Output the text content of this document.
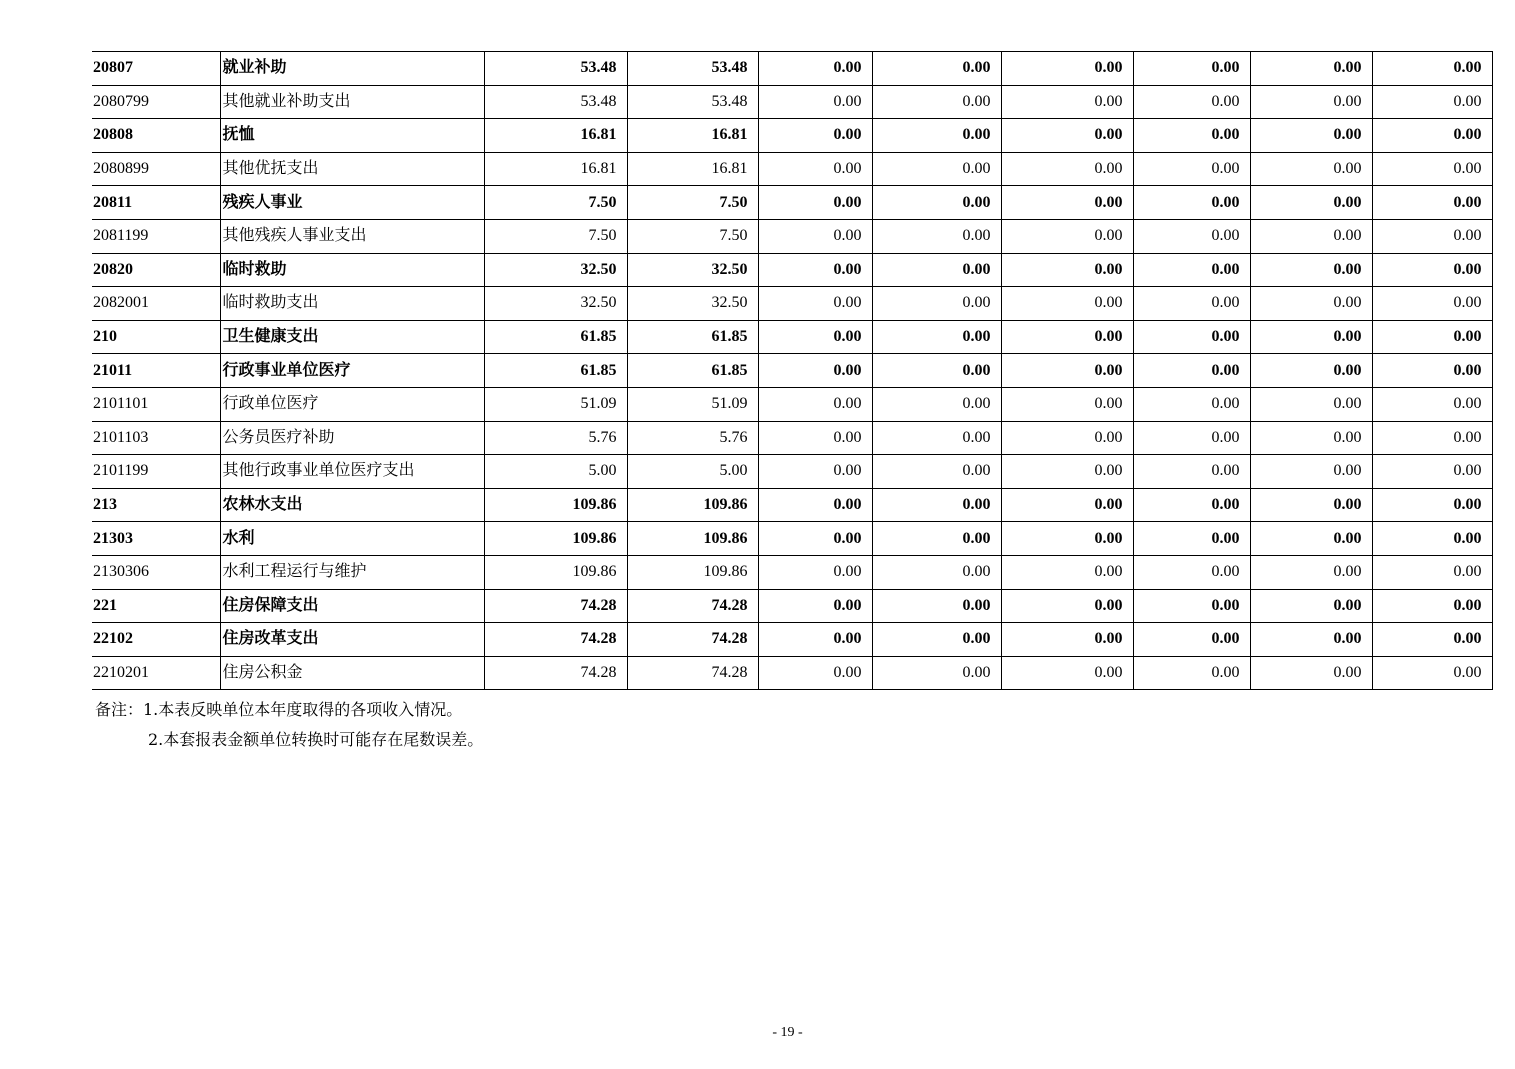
20807	就业补助	53.48	53.48	0.00	0.00	0.00	0.00	0.00	0.00
2080799	其他就业补助支出	53.48	53.48	0.00	0.00	0.00	0.00	0.00	0.00
20808	抚恤	16.81	16.81	0.00	0.00	0.00	0.00	0.00	0.00
2080899	其他优抚支出	16.81	16.81	0.00	0.00	0.00	0.00	0.00	0.00
20811	残疾人事业	7.50	7.50	0.00	0.00	0.00	0.00	0.00	0.00
2081199	其他残疾人事业支出	7.50	7.50	0.00	0.00	0.00	0.00	0.00	0.00
20820	临时救助	32.50	32.50	0.00	0.00	0.00	0.00	0.00	0.00
2082001	临时救助支出	32.50	32.50	0.00	0.00	0.00	0.00	0.00	0.00
210	卫生健康支出	61.85	61.85	0.00	0.00	0.00	0.00	0.00	0.00
21011	行政事业单位医疗	61.85	61.85	0.00	0.00	0.00	0.00	0.00	0.00
2101101	行政单位医疗	51.09	51.09	0.00	0.00	0.00	0.00	0.00	0.00
2101103	公务员医疗补助	5.76	5.76	0.00	0.00	0.00	0.00	0.00	0.00
2101199	其他行政事业单位医疗支出	5.00	5.00	0.00	0.00	0.00	0.00	0.00	0.00
213	农林水支出	109.86	109.86	0.00	0.00	0.00	0.00	0.00	0.00
21303	水利	109.86	109.86	0.00	0.00	0.00	0.00	0.00	0.00
2130306	水利工程运行与维护	109.86	109.86	0.00	0.00	0.00	0.00	0.00	0.00
221	住房保障支出	74.28	74.28	0.00	0.00	0.00	0.00	0.00	0.00
22102	住房改革支出	74.28	74.28	0.00	0.00	0.00	0.00	0.00	0.00
2210201	住房公积金	74.28	74.28	0.00	0.00	0.00	0.00	0.00	0.00
备注：1.本表反映单位本年度取得的各项收入情况。
2.本套报表金额单位转换时可能存在尾数误差。
- 19 -
